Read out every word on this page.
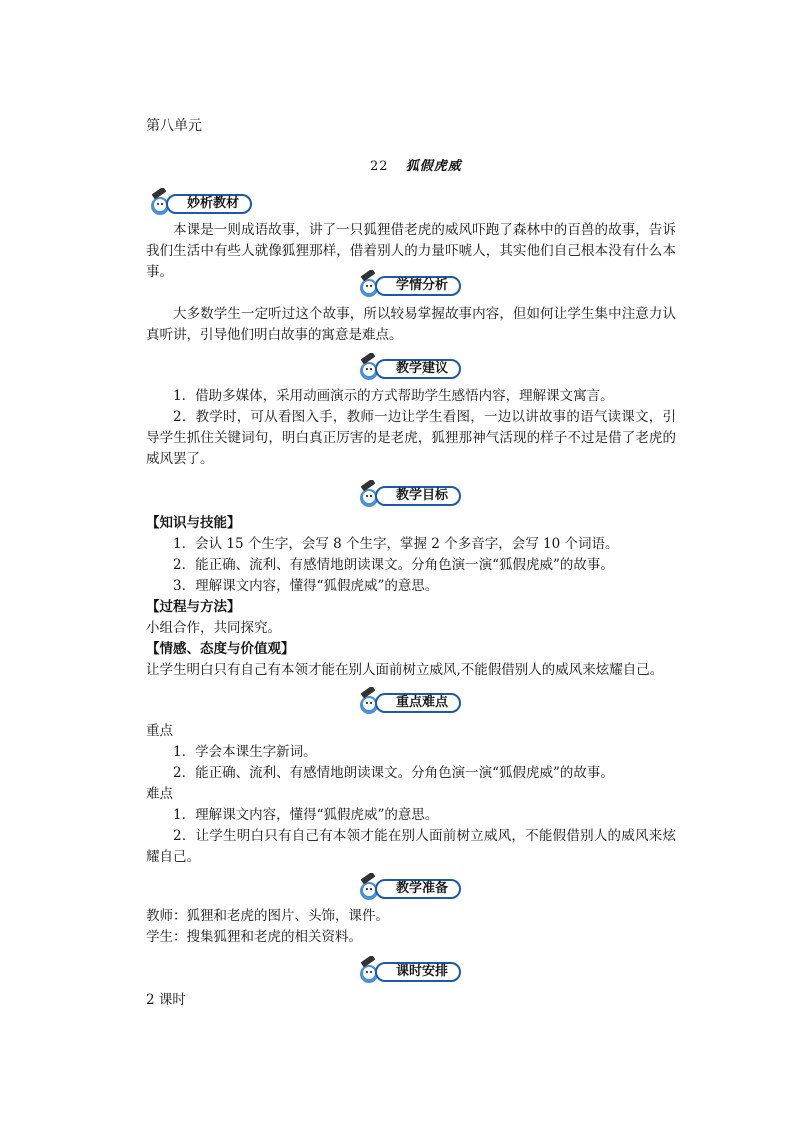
第八单元
22 狐假虎威
妙析教材

本课是一则成语故事，讲了一只狐狸借老虎的威风吓跑了森林中的百兽的故事，告诉我们生活中有些人就像狐狸那样，借着别人的力量吓唬人，其实他们自己根本没有什么本事。

学情分析

大多数学生一定听过这个故事，所以较易掌握故事内容，但如何让学生集中注意力认真听讲，引导他们明白故事的寓意是难点。

教学建议

1．借助多媒体，采用动画演示的方式帮助学生感悟内容，理解课文寓言。

2．教学时，可从看图入手，教师一边让学生看图，一边以讲故事的语气读课文，引导学生抓住关键词句，明白真正厉害的是老虎，狐狸那神气活现的样子不过是借了老虎的威风罢了。

教学目标

【知识与技能】

1．会认 15 个生字，会写 8 个生字，掌握 2 个多音字，会写 10 个词语。

2．能正确、流利、有感情地朗读课文。分角色演一演“狐假虎威”的故事。

3．理解课文内容，懂得“狐假虎威”的意思。

【过程与方法】

小组合作，共同探究。

【情感、态度与价值观】

让学生明白只有自己有本领才能在别人面前树立威风,不能假借别人的威风来炫耀自己。

重点难点

重点

1．学会本课生字新词。

2．能正确、流利、有感情地朗读课文。分角色演一演“狐假虎威”的故事。

难点

1．理解课文内容，懂得“狐假虎威”的意思。

2．让学生明白只有自己有本领才能在别人面前树立威风，不能假借别人的威风来炫耀自己。

教学准备

教师：狐狸和老虎的图片、头饰，课件。

学生：搜集狐狸和老虎的相关资料。

课时安排

2 课时
